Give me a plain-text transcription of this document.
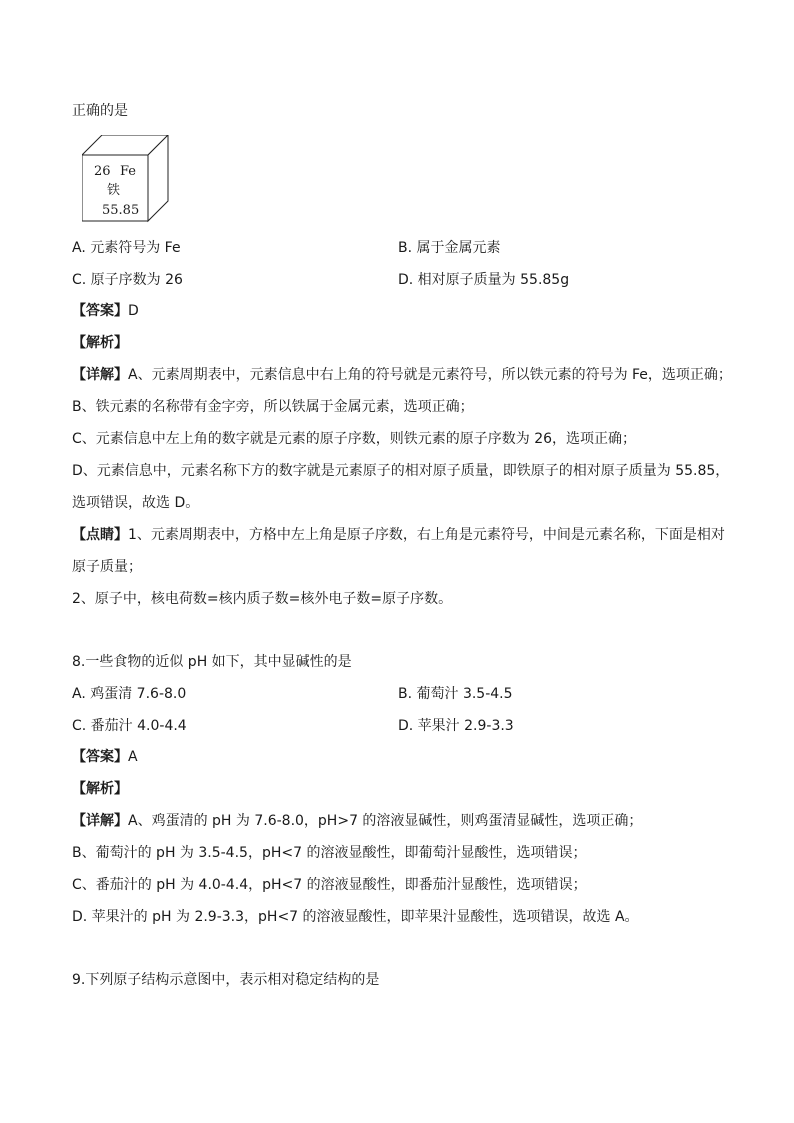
正确的是
26 Fe
铁
55.85
A. 元素符号为 Fe	B. 属于金属元素
C. 原子序数为 26	D. 相对原子质量为 55.85g
【答案】D
【解析】
【详解】A、元素周期表中，元素信息中右上角的符号就是元素符号，所以铁元素的符号为 Fe，选项正确；
B、铁元素的名称带有金字旁，所以铁属于金属元素，选项正确；
C、元素信息中左上角的数字就是元素的原子序数，则铁元素的原子序数为 26，选项正确；
D、元素信息中，元素名称下方的数字就是元素原子的相对原子质量，即铁原子的相对原子质量为 55.85，
选项错误，故选 D。
【点睛】1、元素周期表中，方格中左上角是原子序数，右上角是元素符号，中间是元素名称，下面是相对
原子质量；
2、原子中，核电荷数=核内质子数=核外电子数=原子序数。
8.一些食物的近似 pH 如下，其中显碱性的是
A. 鸡蛋清 7.6-8.0	B. 葡萄汁 3.5-4.5
C. 番茄汁 4.0-4.4	D. 苹果汁 2.9-3.3
【答案】A
【解析】
【详解】A、鸡蛋清的 pH 为 7.6-8.0，pH>7 的溶液显碱性，则鸡蛋清显碱性，选项正确；
B、葡萄汁的 pH 为 3.5-4.5，pH<7 的溶液显酸性，即葡萄汁显酸性，选项错误；
C、番茄汁的 pH 为 4.0-4.4，pH<7 的溶液显酸性，即番茄汁显酸性，选项错误；
D. 苹果汁的 pH 为 2.9-3.3，pH<7 的溶液显酸性，即苹果汁显酸性，选项错误，故选 A。
9.下列原子结构示意图中，表示相对稳定结构的是
